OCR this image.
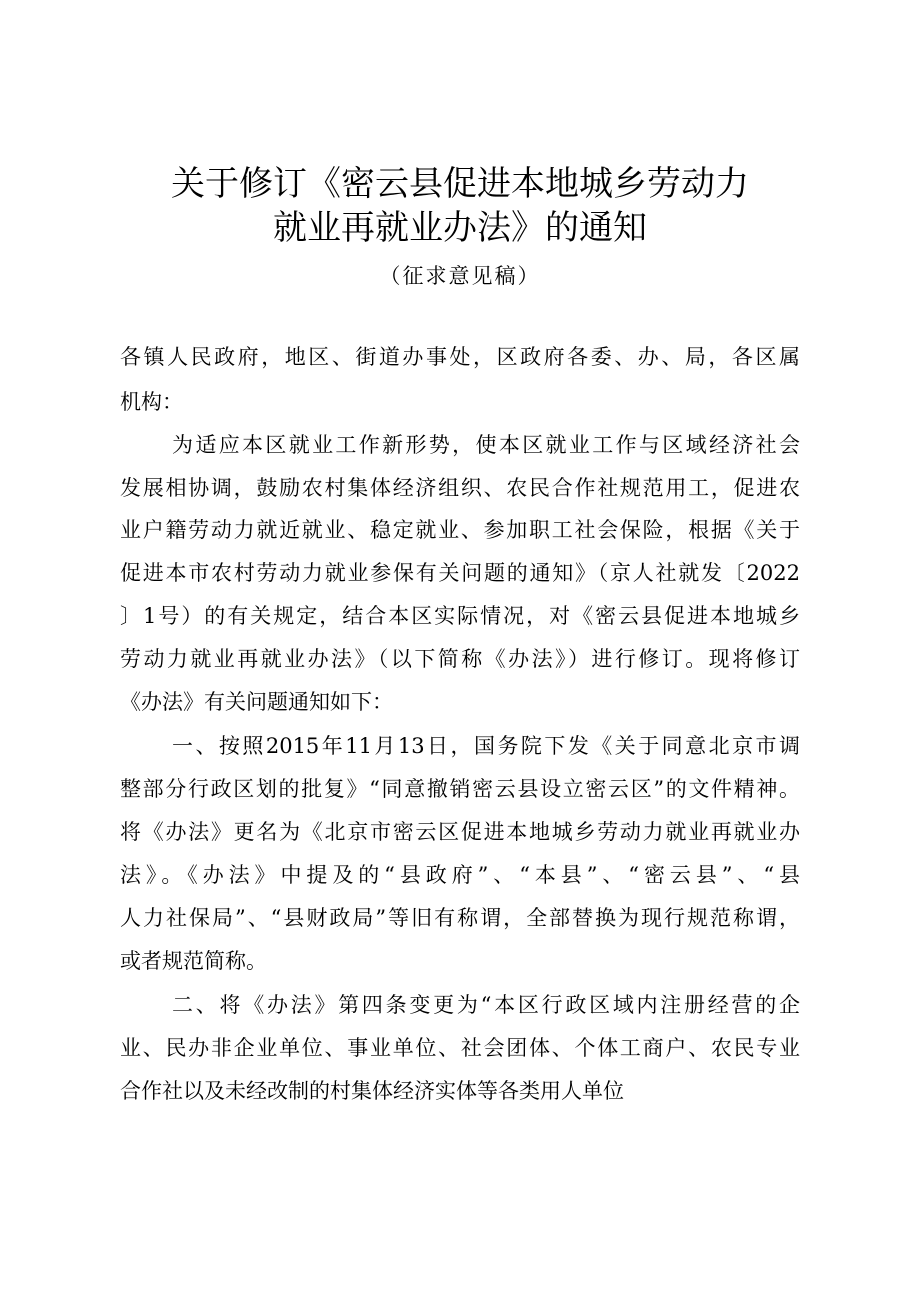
关于修订《密云县促进本地城乡劳动力
就业再就业办法》的通知
（征求意见稿）
各镇人民政府，地区、街道办事处，区政府各委、办、局，各区属
机构：
为适应本区就业工作新形势，使本区就业工作与区域经济社会
发展相协调，鼓励农村集体经济组织、农民合作社规范用工，促进农
业户籍劳动力就近就业、稳定就业、参加职工社会保险，根据《关于
促进本市农村劳动力就业参保有关问题的通知》（京人社就发〔2022
〕1号）的有关规定，结合本区实际情况，对《密云县促进本地城乡
劳动力就业再就业办法》（以下简称《办法》）进行修订。现将修订
《办法》有关问题通知如下：
一、按照2015年11月13日，国务院下发《关于同意北京市调
整部分行政区划的批复》“同意撤销密云县设立密云区”的文件精神。
将《办法》更名为《北京市密云区促进本地城乡劳动力就业再就业办
法》。《办法》中提及的“县政府”、“本县”、“密云县”、“县
人力社保局”、“县财政局”等旧有称谓，全部替换为现行规范称谓，
或者规范简称。
二、将《办法》第四条变更为“本区行政区域内注册经营的企
业、民办非企业单位、事业单位、社会团体、个体工商户、农民专业
合作社以及未经改制的村集体经济实体等各类用人单位
